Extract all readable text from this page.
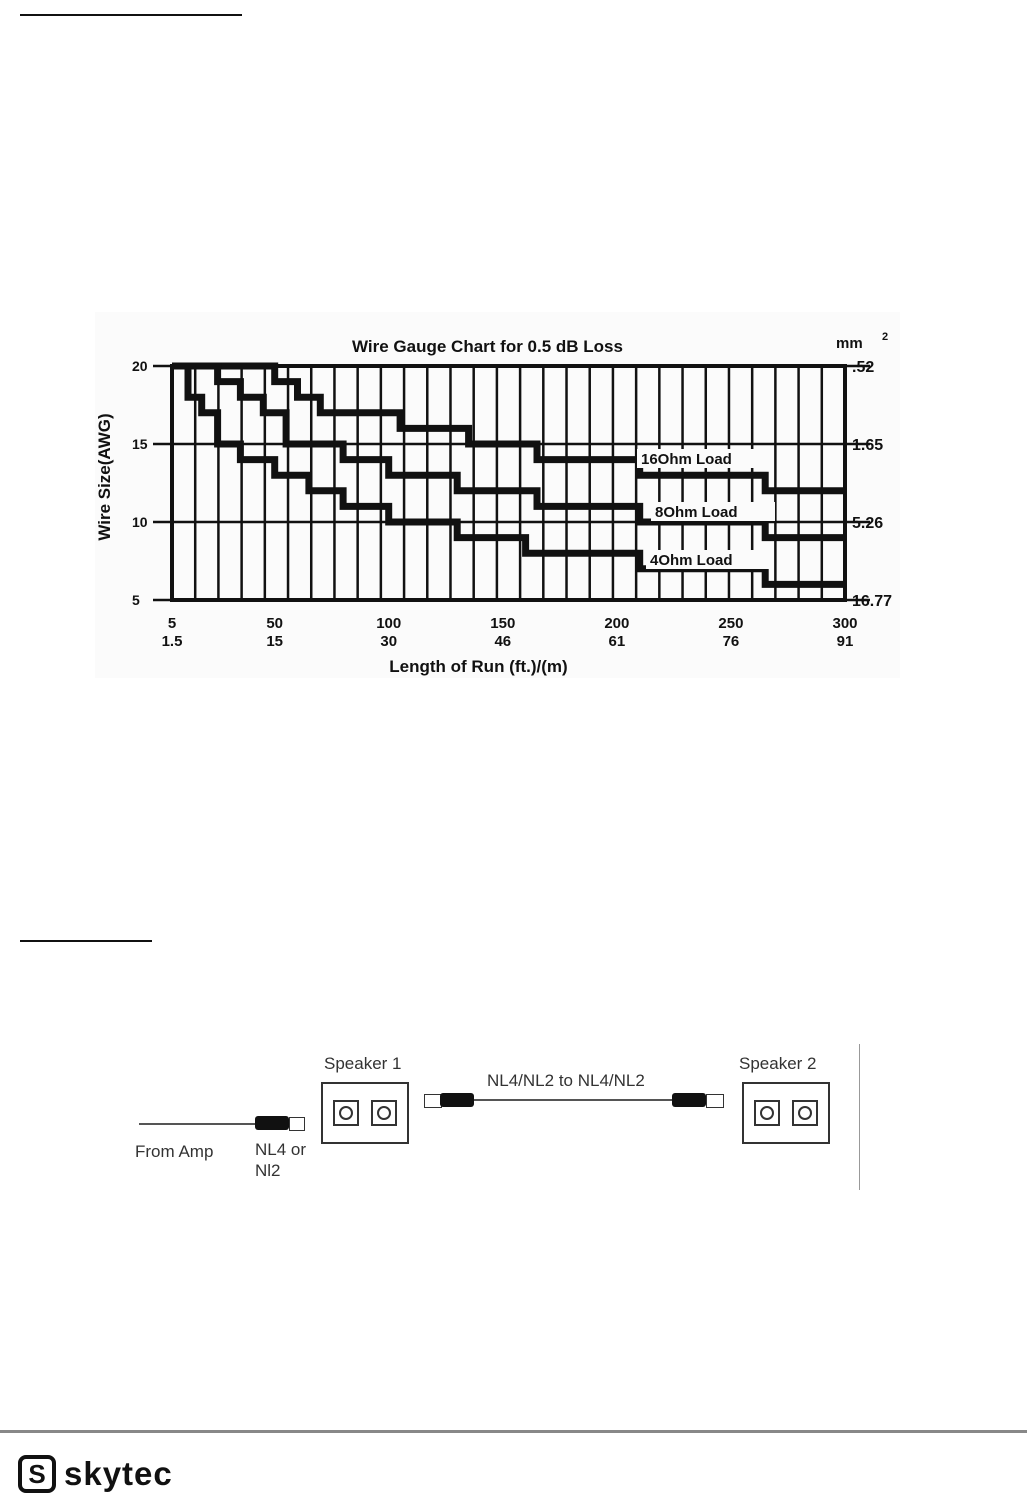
16Ohm Load
8Ohm Load
4Ohm Load
Wire Gauge Chart for 0.5 dB Loss
20
15
10
5
.52
1.65
5.26
16.77
mm 2
5	50	100	150	200	250	300
1.5	15	30	46	61	76	91
Length of Run (ft.)/(m)
Wire Size(AWG)
From Amp NL4 or
Nl2
Speaker 1
NL4/NL2 to NL4/NL2
Speaker 2
S skytec
